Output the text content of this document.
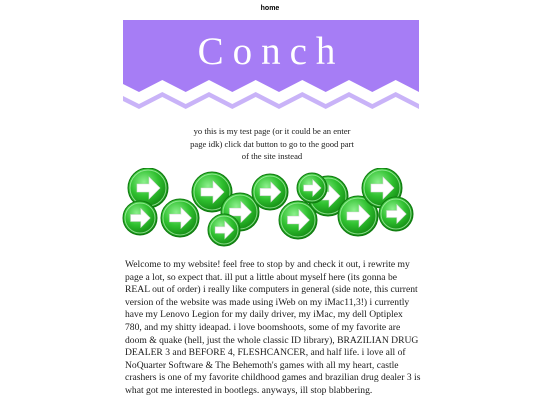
home
Conch
yo this is my test page (or it could be an enter page idk) click dat button to go to the good part of the site instead

Welcome to my website! feel free to stop by and check it out, i rewrite my page a lot, so expect that. ill put a little about myself here (its gonna be REAL out of order) i really like computers in general (side note, this current version of the website was made using iWeb on my iMac11,3!) i currently have my Lenovo Legion for my daily driver, my iMac, my dell Optiplex 780, and my shitty ideapad. i love boomshoots, some of my favorite are doom & quake (hell, just the whole classic ID library), BRAZILIAN DRUG DEALER 3 and BEFORE 4, FLESHCANCER, and half life. i love all of NoQuarter Software & The Behemoth's games with all my heart, castle crashers is one of my favorite childhood games and brazilian drug dealer 3 is what got me interested in bootlegs. anyways, ill stop blabbering.
